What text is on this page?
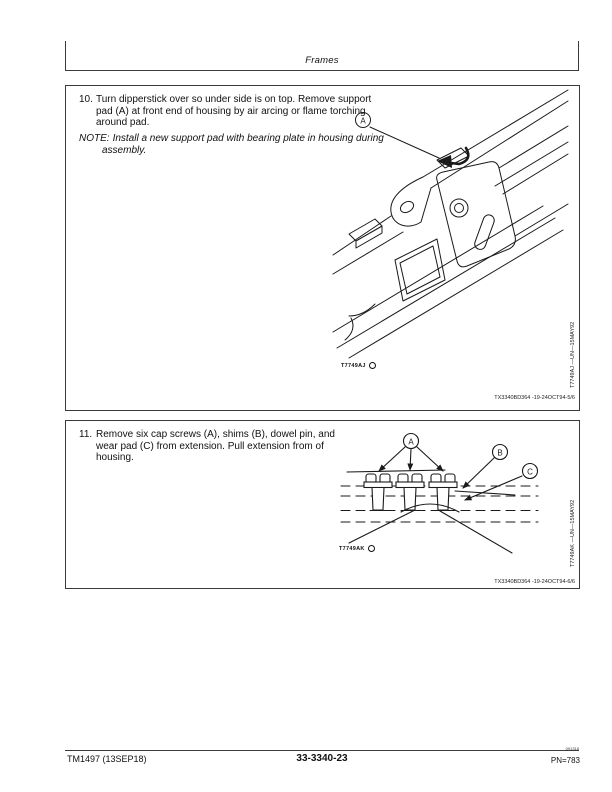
Frames
10. Turn dipperstick over so under side is on top. Remove support pad (A) at front end of housing by air arcing or flame torching around pad.

NOTE: Install a new support pad with bearing plate in housing during assembly.

A
T7749AJ	T7749AJ —UN—15MAY92
TX3340BD364 -19-24OCT94-5/6
11. Remove six cap screws (A), shims (B), dowel pin, and wear pad (C) from extension. Pull extension from of housing.

A
B
C
T7749AK	T7749AK —UN—15MAY92
TX3340BD364 -19-24OCT94-6/6
TM1497 (13SEP18)	33-3340-23
091318
PN=783
